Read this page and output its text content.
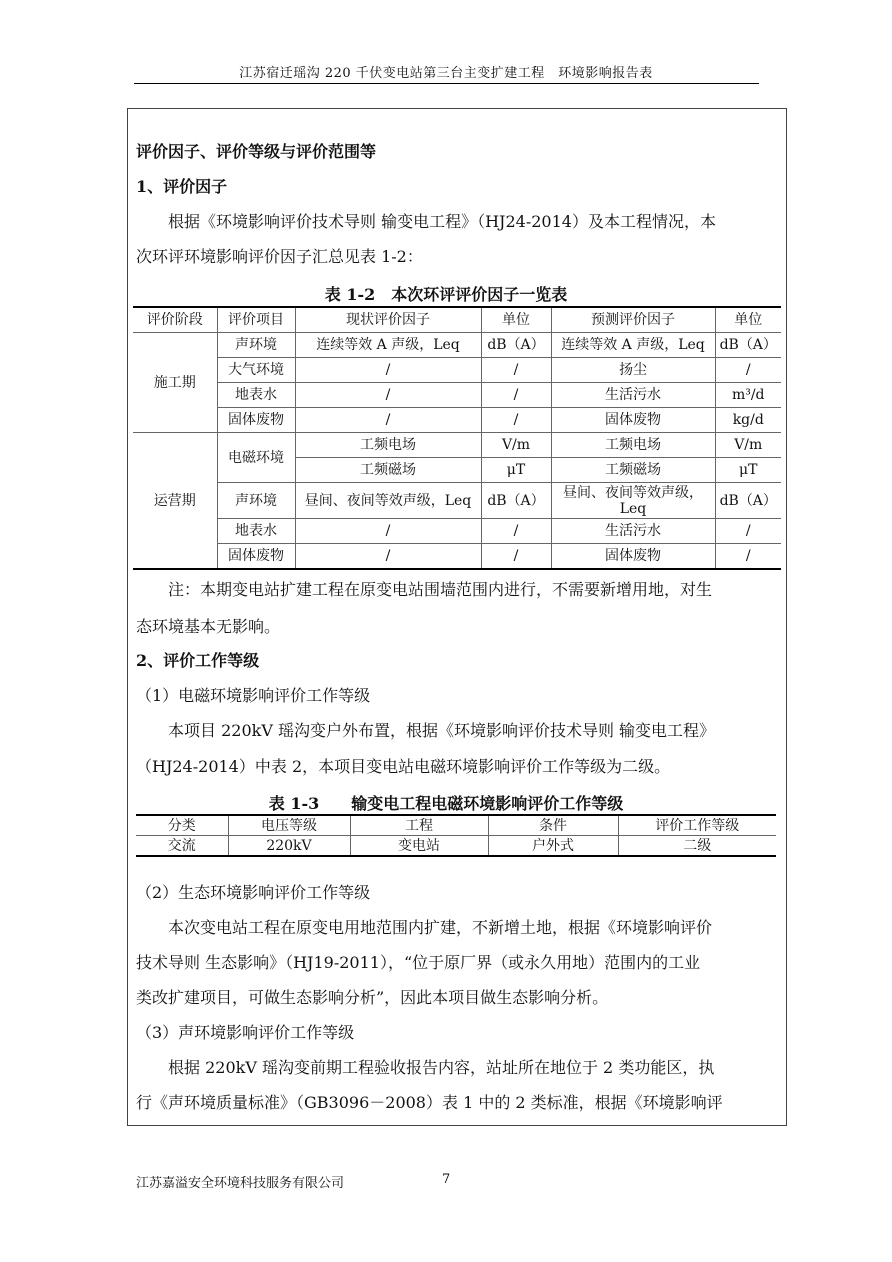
江苏宿迁瑶沟 220 千伏变电站第三台主变扩建工程　环境影响报告表
评价因子、评价等级与评价范围等
1、评价因子
　　根据《环境影响评价技术导则 输变电工程》（HJ24-2014）及本工程情况，本
次环评环境影响评价因子汇总见表 1-2：
表 1-2　本次环评评价因子一览表
评价阶段	评价项目	现状评价因子	单位	预测评价因子	单位
施工期	声环境	连续等效 A 声级，Leq	dB（A）	连续等效 A 声级，Leq	dB（A）
	大气环境	/	/	扬尘	/
	地表水	/	/	生活污水	m³/d
	固体废物	/	/	固体废物	kg/d
运营期	电磁环境	工频电场	V/m	工频电场	V/m
		工频磁场	μT	工频磁场	μT
	声环境	昼间、夜间等效声级，Leq	dB（A）	昼间、夜间等效声级，Leq	dB（A）
	地表水	/	/	生活污水	/
	固体废物	/	/	固体废物	/
　　注：本期变电站扩建工程在原变电站围墙范围内进行，不需要新增用地，对生
态环境基本无影响。
2、评价工作等级
（1）电磁环境影响评价工作等级
　　本项目 220kV 瑶沟变户外布置，根据《环境影响评价技术导则 输变电工程》
（HJ24-2014）中表 2，本项目变电站电磁环境影响评价工作等级为二级。
表 1-3　　输变电工程电磁环境影响评价工作等级
分类	电压等级	工程	条件	评价工作等级
交流	220kV	变电站	户外式	二级
（2）生态环境影响评价工作等级
　　本次变电站工程在原变电用地范围内扩建，不新增土地，根据《环境影响评价
技术导则 生态影响》（HJ19-2011），“位于原厂界（或永久用地）范围内的工业
类改扩建项目，可做生态影响分析”，因此本项目做生态影响分析。
（3）声环境影响评价工作等级
　　根据 220kV 瑶沟变前期工程验收报告内容，站址所在地位于 2 类功能区，执
行《声环境质量标准》（GB3096－2008）表 1 中的 2 类标准，根据《环境影响评
江苏嘉溢安全环境科技服务有限公司	7
